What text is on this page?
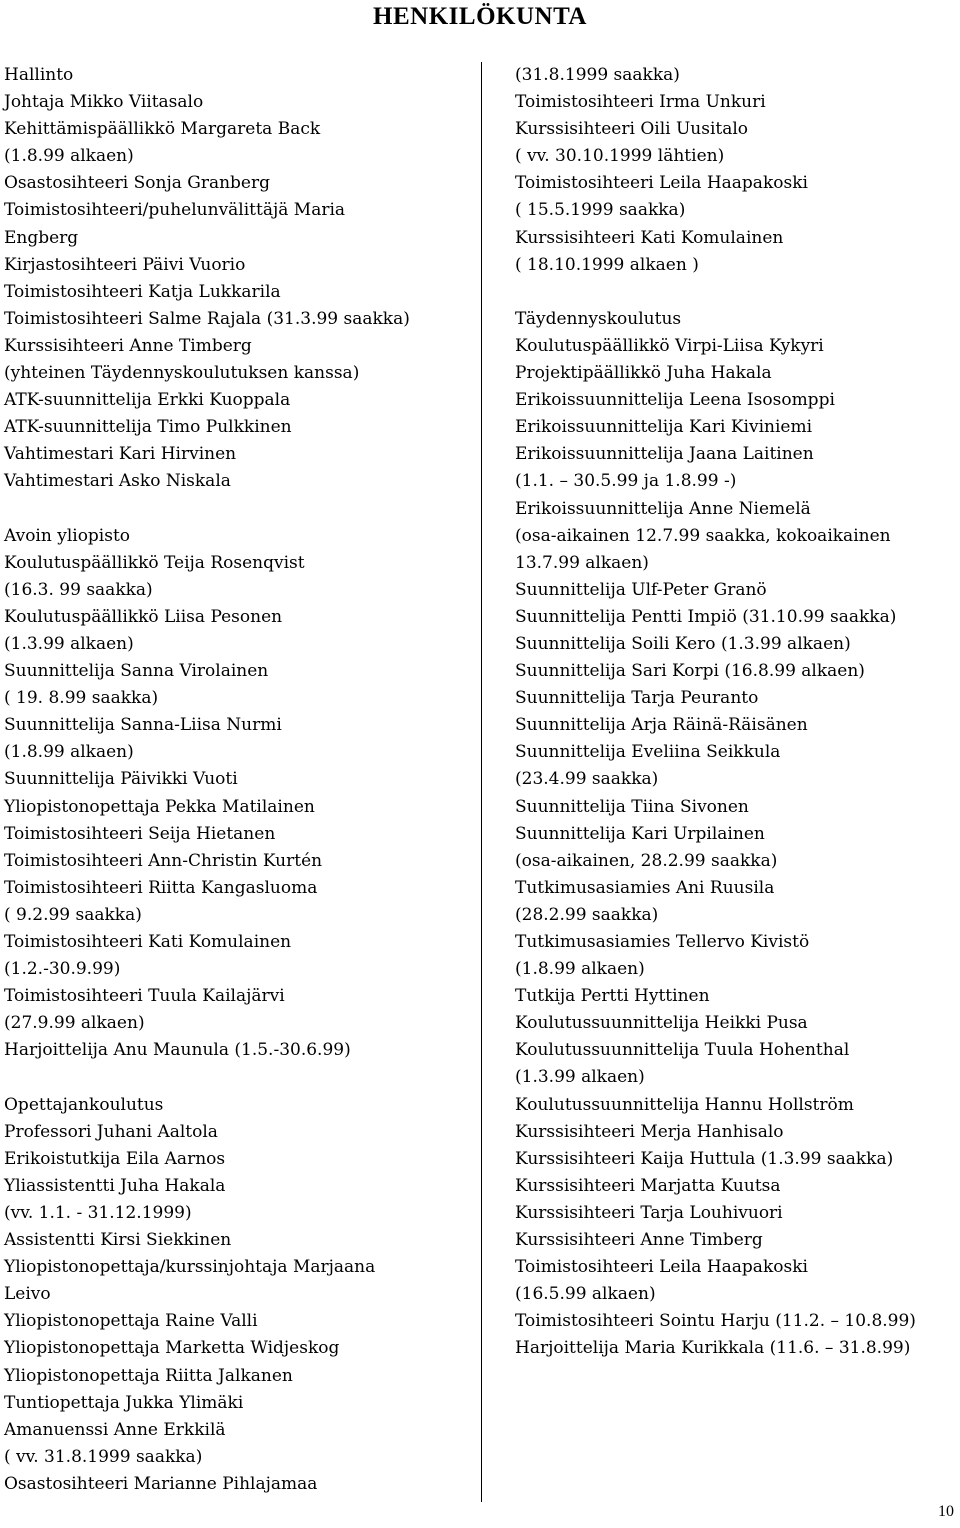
HENKILÖKUNTA
Hallinto
Johtaja Mikko Viitasalo
Kehittämispäällikkö Margareta Back
(1.8.99 alkaen)
Osastosihteeri Sonja Granberg
Toimistosihteeri/puhelunvälittäjä Maria
Engberg
Kirjastosihteeri Päivi Vuorio
Toimistosihteeri Katja Lukkarila
Toimistosihteeri Salme Rajala (31.3.99 saakka)
Kurssisihteeri Anne Timberg
(yhteinen Täydennyskoulutuksen kanssa)
ATK-suunnittelija Erkki Kuoppala
ATK-suunnittelija Timo Pulkkinen
Vahtimestari Kari Hirvinen
Vahtimestari Asko Niskala
Avoin yliopisto
Koulutuspäällikkö Teija Rosenqvist
(16.3. 99 saakka)
Koulutuspäällikkö Liisa Pesonen
(1.3.99 alkaen)
Suunnittelija Sanna Virolainen
( 19. 8.99 saakka)
Suunnittelija Sanna-Liisa Nurmi
(1.8.99 alkaen)
Suunnittelija Päivikki Vuoti
Yliopistonopettaja Pekka Matilainen
Toimistosihteeri Seija Hietanen
Toimistosihteeri Ann-Christin Kurtén
Toimistosihteeri Riitta Kangasluoma
( 9.2.99 saakka)
Toimistosihteeri Kati Komulainen
(1.2.-30.9.99)
Toimistosihteeri Tuula Kailajärvi
(27.9.99 alkaen)
Harjoittelija Anu Maunula (1.5.-30.6.99)
Opettajankoulutus
Professori Juhani Aaltola
Erikoistutkija Eila Aarnos
Yliassistentti Juha Hakala
(vv. 1.1. - 31.12.1999)
Assistentti Kirsi Siekkinen
Yliopistonopettaja/kurssinjohtaja Marjaana
Leivo
Yliopistonopettaja Raine Valli
Yliopistonopettaja Marketta Widjeskog
Yliopistonopettaja Riitta Jalkanen
Tuntiopettaja Jukka Ylimäki
Amanuenssi Anne Erkkilä
( vv. 31.8.1999 saakka)
Osastosihteeri Marianne Pihlajamaa
(31.8.1999 saakka)
Toimistosihteeri Irma Unkuri
Kurssisihteeri Oili Uusitalo
( vv. 30.10.1999 lähtien)
Toimistosihteeri Leila Haapakoski
( 15.5.1999 saakka)
Kurssisihteeri Kati Komulainen
( 18.10.1999 alkaen )
Täydennyskoulutus
Koulutuspäällikkö Virpi-Liisa Kykyri
Projektipäällikkö Juha Hakala
Erikoissuunnittelija Leena Isosomppi
Erikoissuunnittelija Kari Kiviniemi
Erikoissuunnittelija Jaana Laitinen
(1.1. – 30.5.99 ja 1.8.99 -)
Erikoissuunnittelija Anne Niemelä
(osa-aikainen 12.7.99 saakka, kokoaikainen
13.7.99 alkaen)
Suunnittelija Ulf-Peter Granö
Suunnittelija Pentti Impiö (31.10.99 saakka)
Suunnittelija Soili Kero (1.3.99 alkaen)
Suunnittelija Sari Korpi (16.8.99 alkaen)
Suunnittelija Tarja Peuranto
Suunnittelija Arja Räinä-Räisänen
Suunnittelija Eveliina Seikkula
(23.4.99 saakka)
Suunnittelija Tiina Sivonen
Suunnittelija Kari Urpilainen
(osa-aikainen, 28.2.99 saakka)
Tutkimusasiamies Ani Ruusila
(28.2.99 saakka)
Tutkimusasiamies Tellervo Kivistö
(1.8.99 alkaen)
Tutkija Pertti Hyttinen
Koulutussuunnittelija Heikki Pusa
Koulutussuunnittelija Tuula Hohenthal
(1.3.99 alkaen)
Koulutussuunnittelija Hannu Hollström
Kurssisihteeri Merja Hanhisalo
Kurssisihteeri Kaija Huttula (1.3.99 saakka)
Kurssisihteeri Marjatta Kuutsa
Kurssisihteeri Tarja Louhivuori
Kurssisihteeri Anne Timberg
Toimistosihteeri Leila Haapakoski
(16.5.99 alkaen)
Toimistosihteeri Sointu Harju (11.2. – 10.8.99)
Harjoittelija Maria Kurikkala (11.6. – 31.8.99)
10
